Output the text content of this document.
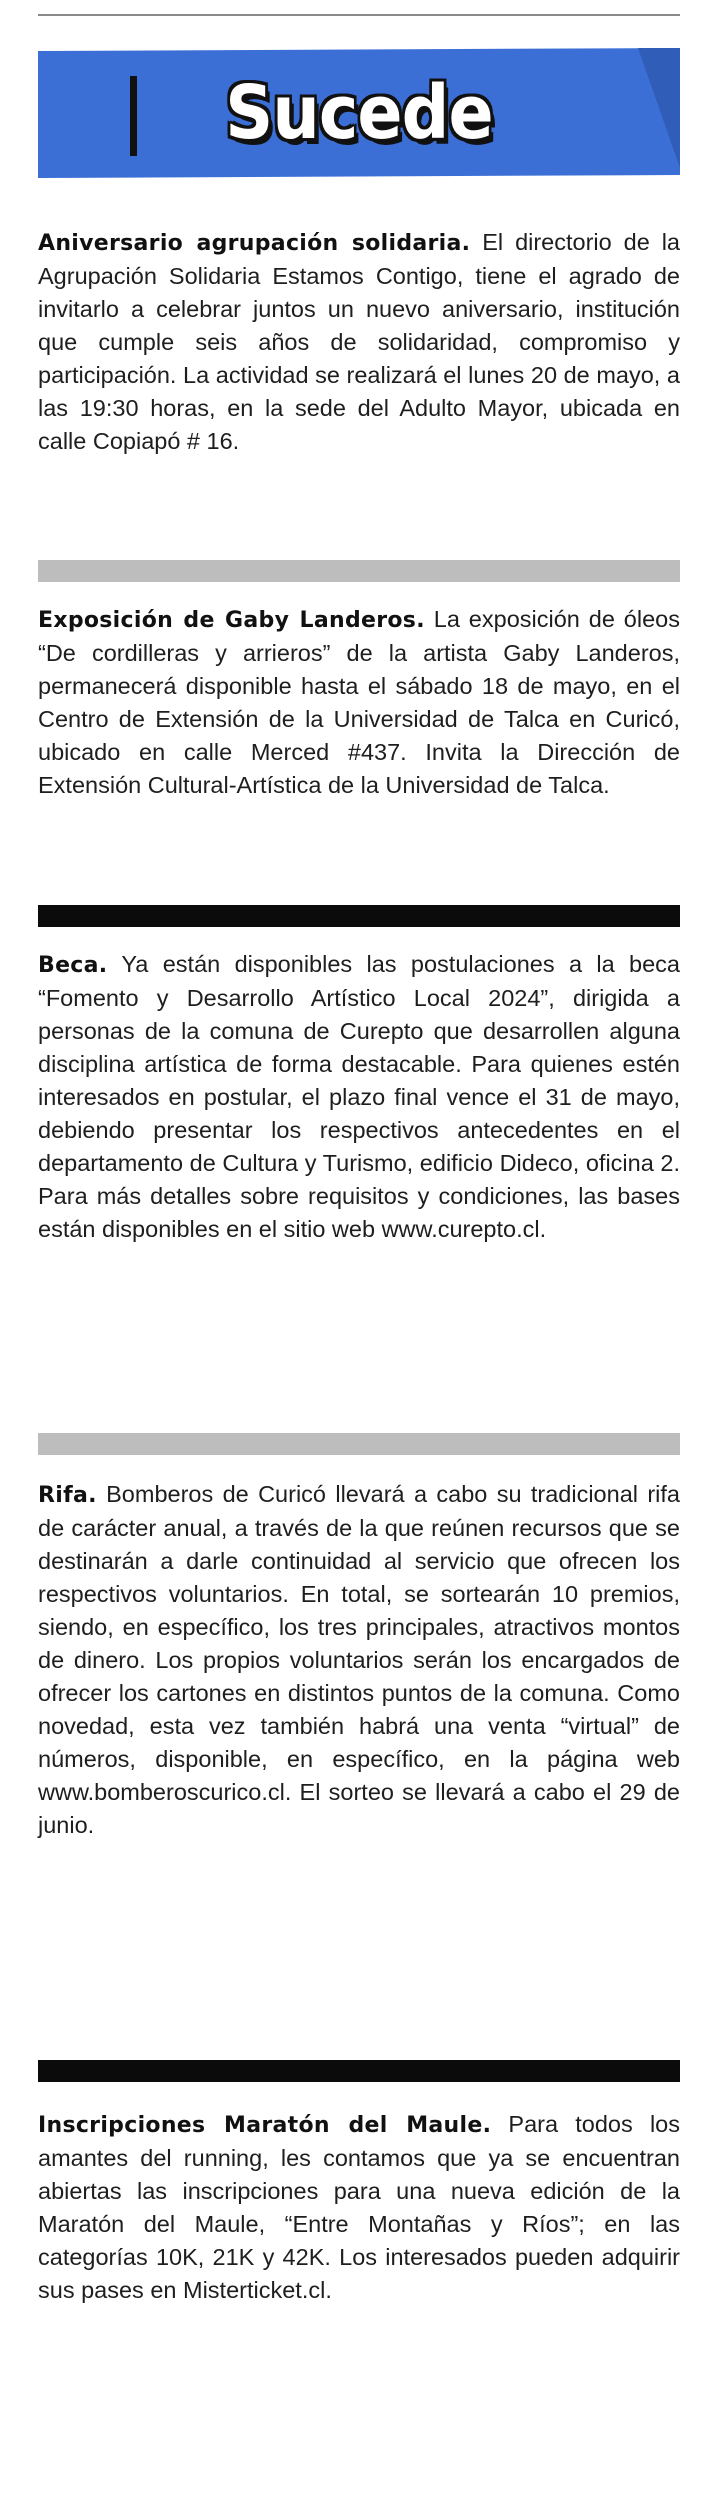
Sucede

Aniversario agrupación solidaria. El directorio de la Agrupación Solidaria Estamos Contigo, tiene el agrado de invitarlo a celebrar juntos un nuevo aniversario, institución que cumple seis años de solidaridad, compromiso y participación. La actividad se realizará el lunes 20 de mayo, a las 19:30 horas, en la sede del Adulto Mayor, ubicada en calle Copiapó # 16.

Exposición de Gaby Landeros. La exposición de óleos “De cordilleras y arrieros” de la artista Gaby Landeros, permanecerá disponible hasta el sábado 18 de mayo, en el Centro de Extensión de la Universidad de Talca en Curicó, ubicado en calle Merced #437. Invita la Dirección de Extensión Cultural-Artística de la Universidad de Talca.

Beca. Ya están disponibles las postulaciones a la beca “Fomento y Desarrollo Artístico Local 2024”, dirigida a personas de la comuna de Curepto que desarrollen alguna disciplina artística de forma destacable. Para quienes estén interesados en postular, el plazo final vence el 31 de mayo, debiendo presentar los respectivos antecedentes en el departamento de Cultura y Turismo, edificio Dideco, oficina 2. Para más detalles sobre requisitos y condiciones, las bases están disponibles en el sitio web www.curepto.cl.

Rifa. Bomberos de Curicó llevará a cabo su tradicional rifa de carácter anual, a través de la que reúnen recursos que se destinarán a darle continuidad al servicio que ofrecen los respectivos voluntarios. En total, se sortearán 10 premios, siendo, en específico, los tres principales, atractivos montos de dinero. Los propios voluntarios serán los encargados de ofrecer los cartones en distintos puntos de la comuna. Como novedad, esta vez también habrá una venta “virtual” de números, disponible, en específico, en la página web www.bomberoscurico.cl. El sorteo se llevará a cabo el 29 de junio.

Inscripciones Maratón del Maule. Para todos los amantes del running, les contamos que ya se encuentran abiertas las inscripciones para una nueva edición de la Maratón del Maule, “Entre Montañas y Ríos”; en las categorías 10K, 21K y 42K. Los interesados pueden adquirir sus pases en Misterticket.cl.
